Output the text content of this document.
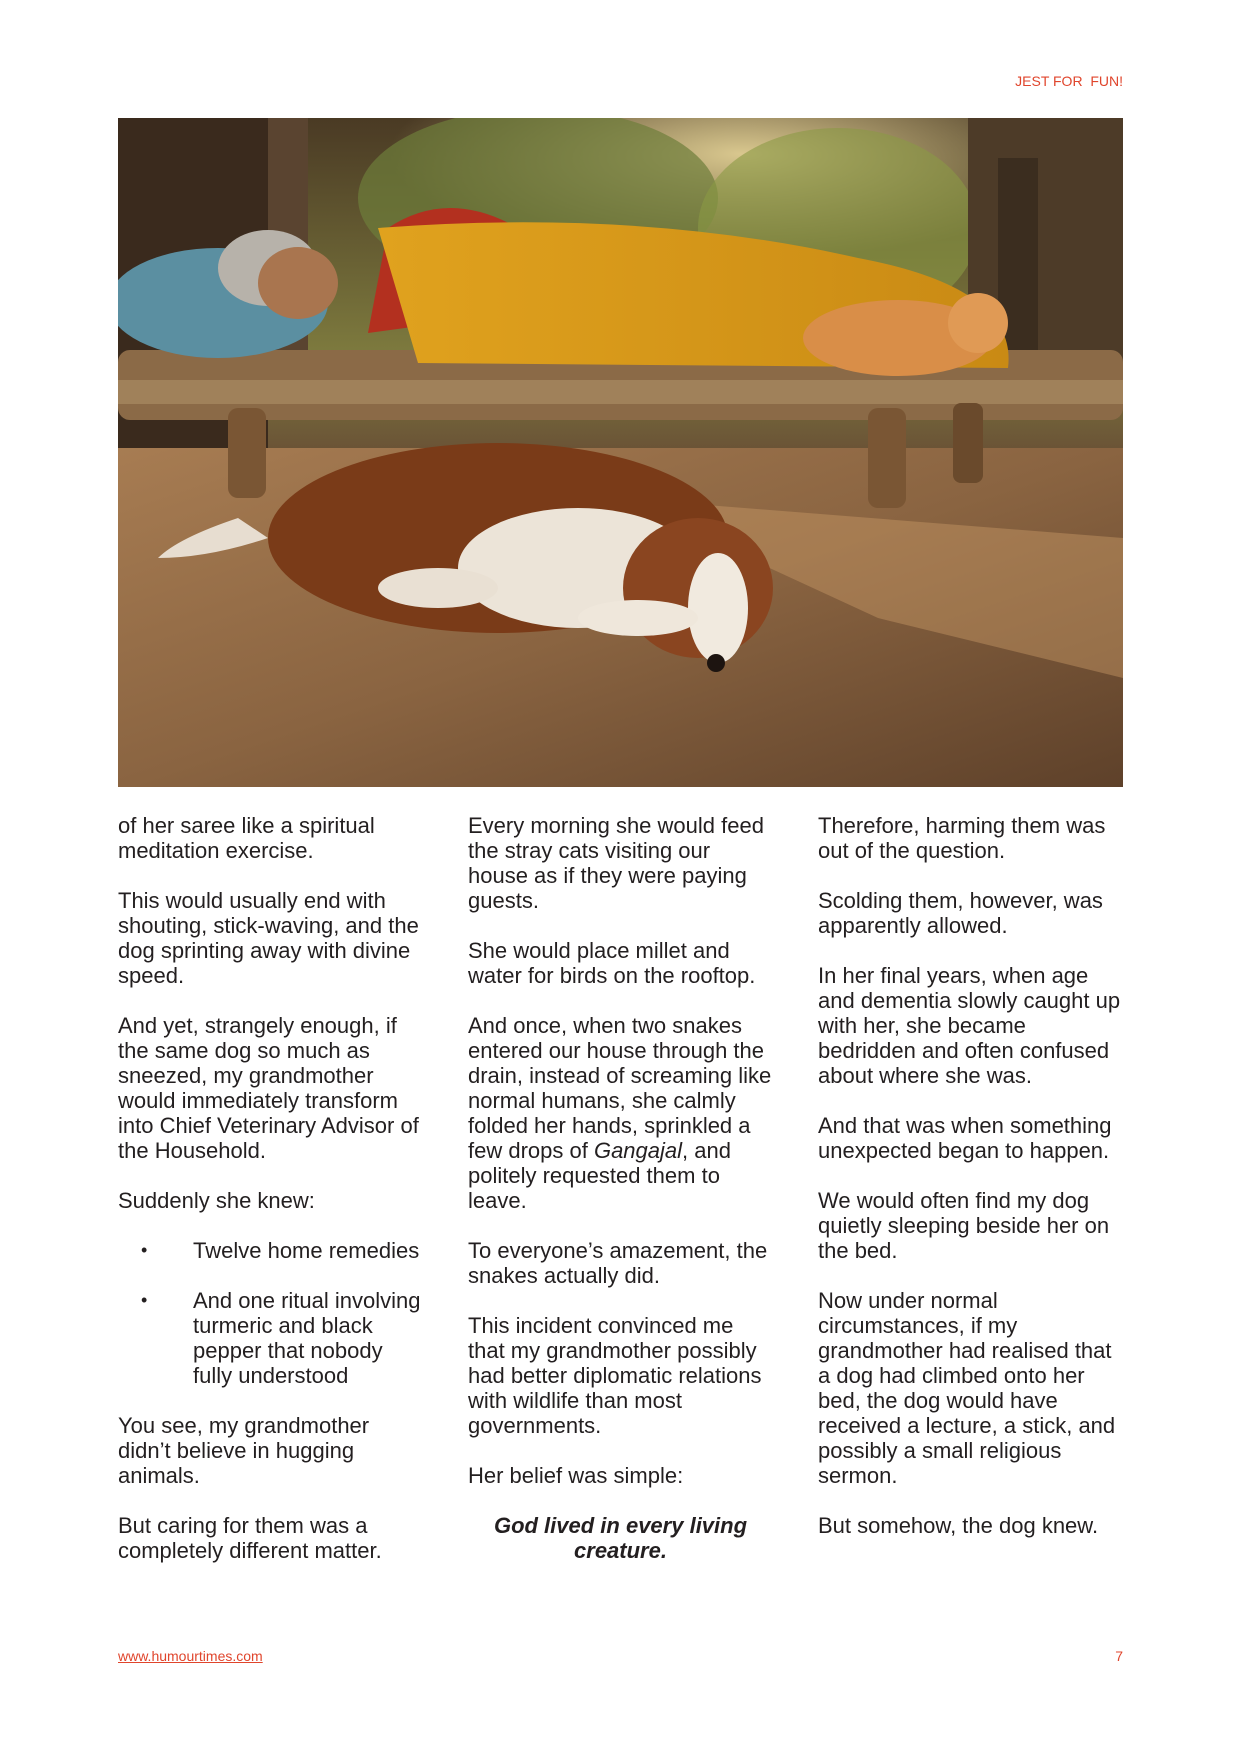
JEST FOR  FUN!

of her saree like a spiritual meditation exercise.

This would usually end with shouting, stick-waving, and the dog sprinting away with divine speed.

And yet, strangely enough, if the same dog so much as sneezed, my grandmother would immediately transform into Chief Veterinary Advisor of the Household.

Suddenly she knew:

• Twelve home remedies
• And one ritual involving turmeric and black pepper that nobody fully understood

You see, my grandmother didn’t believe in hugging animals.

But caring for them was a completely different matter.

Every morning she would feed the stray cats visiting our house as if they were paying guests.

She would place millet and water for birds on the rooftop.

And once, when two snakes entered our house through the drain, instead of screaming like normal humans, she calmly folded her hands, sprinkled a few drops of Gangajal, and politely requested them to leave.

To everyone’s amazement, the snakes actually did.

This incident convinced me that my grandmother possibly had better diplomatic relations with wildlife than most governments.

Her belief was simple:

God lived in every living creature.

Therefore, harming them was out of the question.

Scolding them, however, was apparently allowed.

In her final years, when age and dementia slowly caught up with her, she became bedridden and often confused about where she was.

And that was when something unexpected began to happen.

We would often find my dog quietly sleeping beside her on the bed.

Now under normal circumstances, if my grandmother had realised that a dog had climbed onto her bed, the dog would have received a lecture, a stick, and possibly a small religious sermon.

But somehow, the dog knew.

www.humourtimes.com	7
